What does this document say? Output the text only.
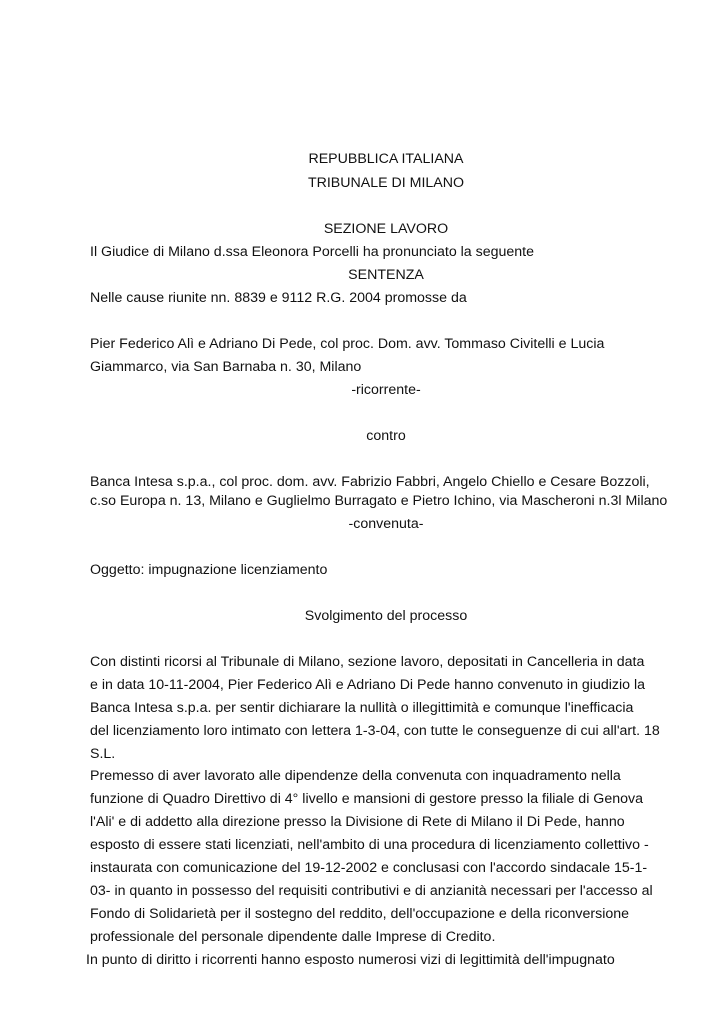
REPUBBLICA ITALIANA
TRIBUNALE DI MILANO
SEZIONE LAVORO
Il Giudice di Milano d.ssa Eleonora Porcelli ha pronunciato la seguente
SENTENZA
Nelle cause riunite nn. 8839 e 9112 R.G. 2004 promosse da
Pier Federico Alì e Adriano Di Pede, col proc. Dom. avv. Tommaso Civitelli e Lucia
Giammarco, via San Barnaba n. 30, Milano
-ricorrente-
contro
Banca Intesa s.p.a., col proc. dom. avv. Fabrizio Fabbri, Angelo Chiello e Cesare Bozzoli,
c.so Europa n. 13, Milano e Guglielmo Burragato e Pietro Ichino, via Mascheroni n.3l Milano
-convenuta-
Oggetto: impugnazione licenziamento
Svolgimento del processo
Con distinti ricorsi al Tribunale di Milano, sezione lavoro, depositati in Cancelleria in data
e in data 10-11-2004, Pier Federico Alì e Adriano Di Pede hanno convenuto in giudizio la
Banca Intesa s.p.a. per sentir dichiarare la nullità o illegittimità e comunque l'inefficacia
del licenziamento loro intimato con lettera 1-3-04, con tutte le conseguenze di cui all'art. 18
S.L.
Premesso di aver lavorato alle dipendenze della convenuta con inquadramento nella
funzione di Quadro Direttivo di 4° livello e mansioni di gestore presso la filiale di Genova
l'Ali' e di addetto alla direzione presso la Divisione di Rete di Milano il Di Pede, hanno
esposto di essere stati licenziati, nell'ambito di una procedura di licenziamento collettivo -
instaurata con comunicazione del 19-12-2002 e conclusasi con l'accordo sindacale 15-1-
03- in quanto in possesso del requisiti contributivi e di anzianità necessari per l'accesso al
Fondo di Solidarietà per il sostegno del reddito, dell'occupazione e della riconversione
professionale del personale dipendente dalle Imprese di Credito.
In punto di diritto i ricorrenti hanno esposto numerosi vizi di legittimità dell'impugnato
